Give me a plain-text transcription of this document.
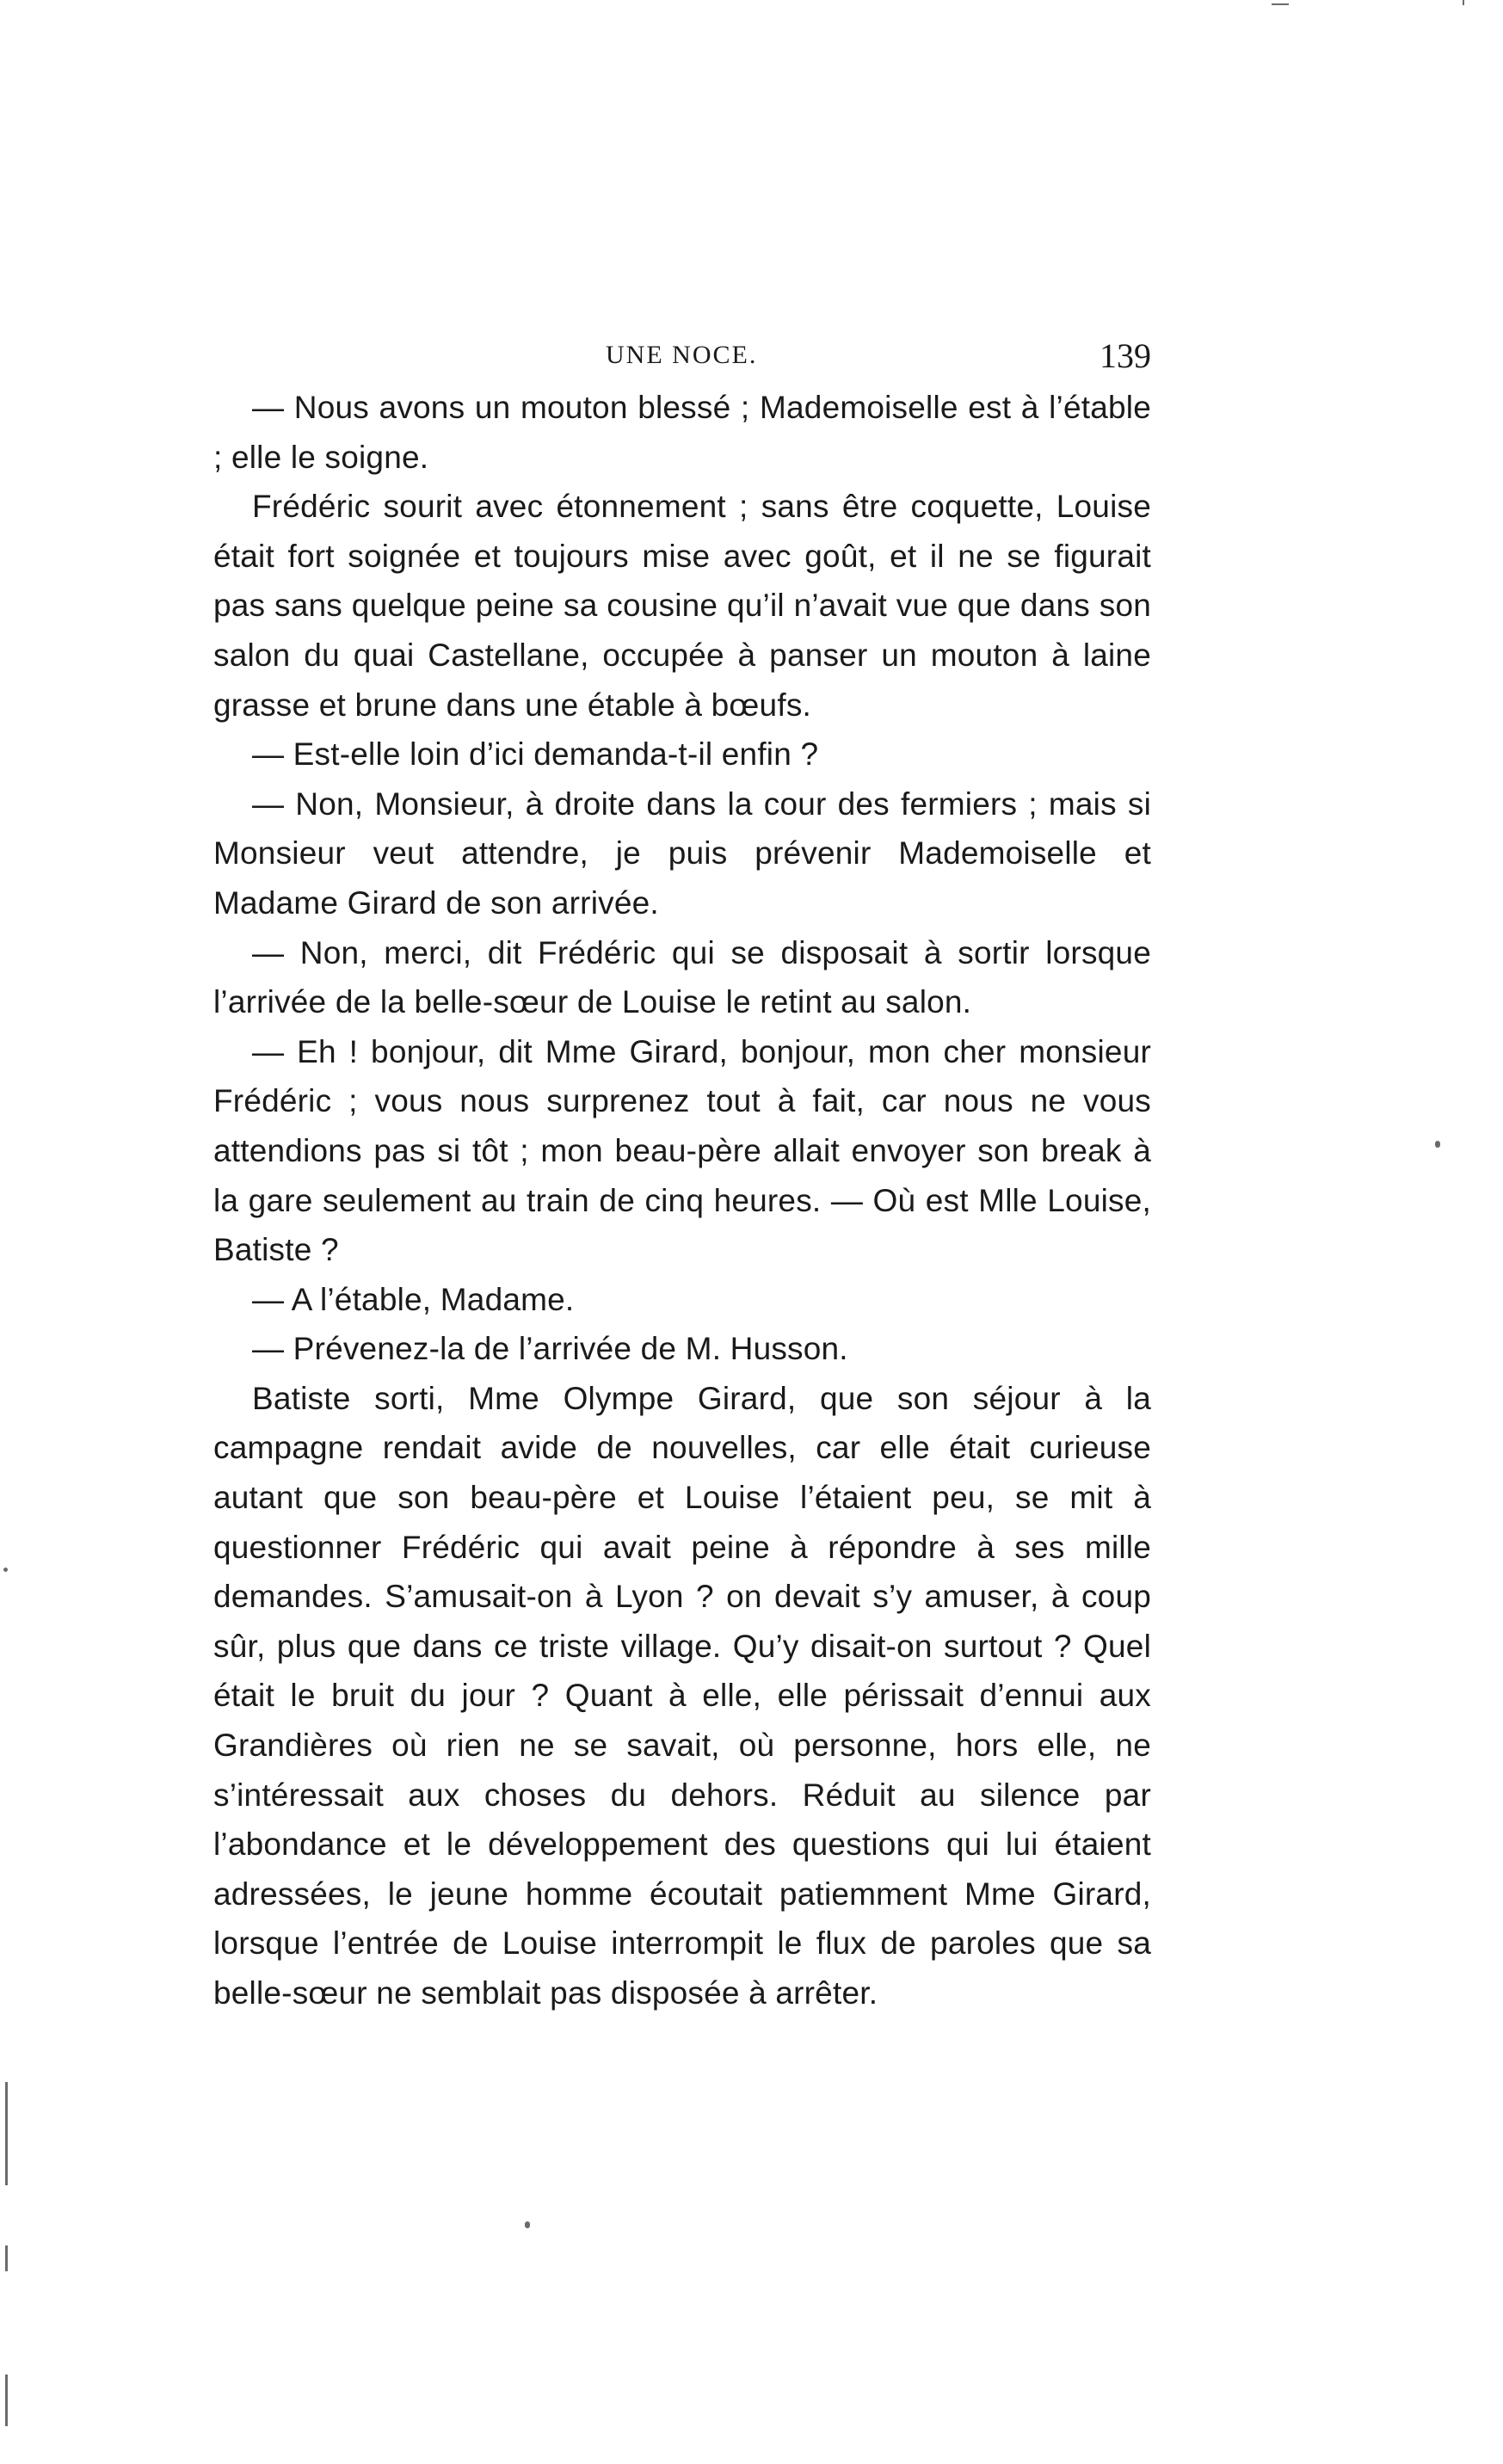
UNE NOCE.	139

— Nous avons un mouton blessé ; Mademoiselle est à l’étable ; elle le soigne.

Frédéric sourit avec étonnement ; sans être coquette, Louise était fort soignée et toujours mise avec goût, et il ne se figurait pas sans quelque peine sa cousine qu’il n’avait vue que dans son salon du quai Castellane, occupée à panser un mouton à laine grasse et brune dans une étable à bœufs.

— Est-elle loin d’ici demanda-t-il enfin ?

— Non, Monsieur, à droite dans la cour des fermiers ; mais si Monsieur veut attendre, je puis prévenir Mademoiselle et Madame Girard de son arrivée.

— Non, merci, dit Frédéric qui se disposait à sortir lorsque l’arrivée de la belle-sœur de Louise le retint au salon.

— Eh ! bonjour, dit Mme Girard, bonjour, mon cher monsieur Frédéric ; vous nous surprenez tout à fait, car nous ne vous attendions pas si tôt ; mon beau-père allait envoyer son break à la gare seulement au train de cinq heures. — Où est Mlle Louise, Batiste ?

— A l’étable, Madame.

— Prévenez-la de l’arrivée de M. Husson.

Batiste sorti, Mme Olympe Girard, que son séjour à la campagne rendait avide de nouvelles, car elle était curieuse autant que son beau-père et Louise l’étaient peu, se mit à questionner Frédéric qui avait peine à répondre à ses mille demandes. S’amusait-on à Lyon ? on devait s’y amuser, à coup sûr, plus que dans ce triste village. Qu’y disait-on surtout ? Quel était le bruit du jour ? Quant à elle, elle périssait d’ennui aux Grandières où rien ne se savait, où personne, hors elle, ne s’intéressait aux choses du dehors. Réduit au silence par l’abondance et le développement des questions qui lui étaient adressées, le jeune homme écoutait patiemment Mme Girard, lorsque l’entrée de Louise interrompit le flux de paroles que sa belle-sœur ne semblait pas disposée à arrêter.
